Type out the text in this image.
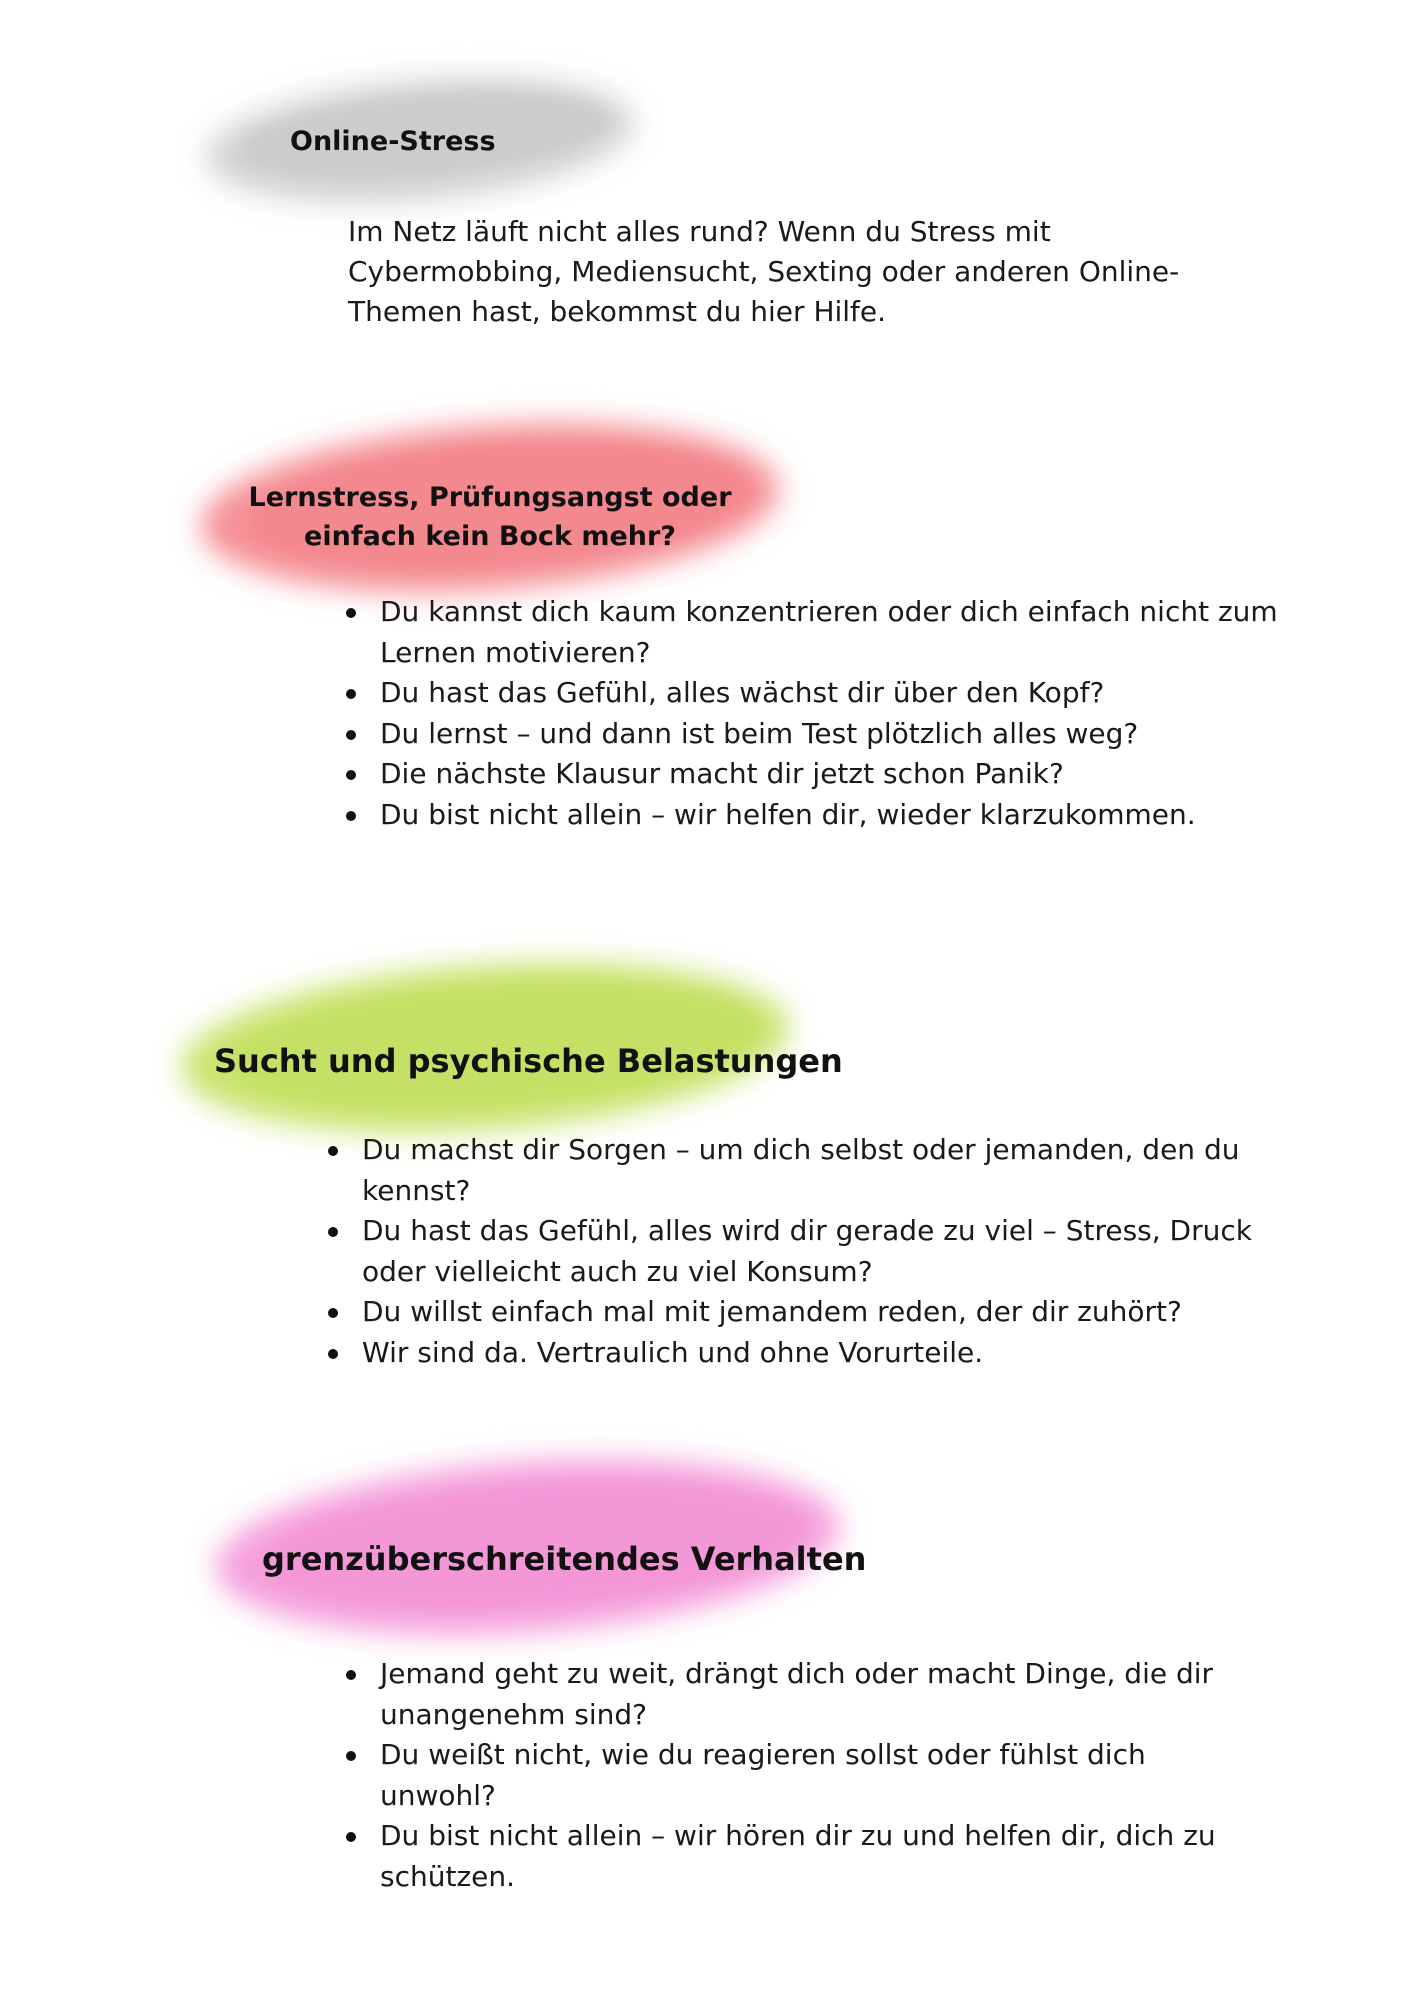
Online-Stress

Im Netz läuft nicht alles rund? Wenn du Stress mit Cybermobbing, Mediensucht, Sexting oder anderen Online-Themen hast, bekommst du hier Hilfe.

Lernstress, Prüfungsangst oder
einfach kein Bock mehr?
Du kannst dich kaum konzentrieren oder dich einfach nicht zum Lernen motivieren?
Du hast das Gefühl, alles wächst dir über den Kopf?
Du lernst – und dann ist beim Test plötzlich alles weg?
Die nächste Klausur macht dir jetzt schon Panik?
Du bist nicht allein – wir helfen dir, wieder klarzukommen.
Sucht und psychische Belastungen
Du machst dir Sorgen – um dich selbst oder jemanden, den du kennst?
Du hast das Gefühl, alles wird dir gerade zu viel – Stress, Druck oder vielleicht auch zu viel Konsum?
Du willst einfach mal mit jemandem reden, der dir zuhört?
Wir sind da. Vertraulich und ohne Vorurteile.
grenzüberschreitendes Verhalten
Jemand geht zu weit, drängt dich oder macht Dinge, die dir unangenehm sind?
Du weißt nicht, wie du reagieren sollst oder fühlst dich unwohl?
Du bist nicht allein – wir hören dir zu und helfen dir, dich zu schützen.
